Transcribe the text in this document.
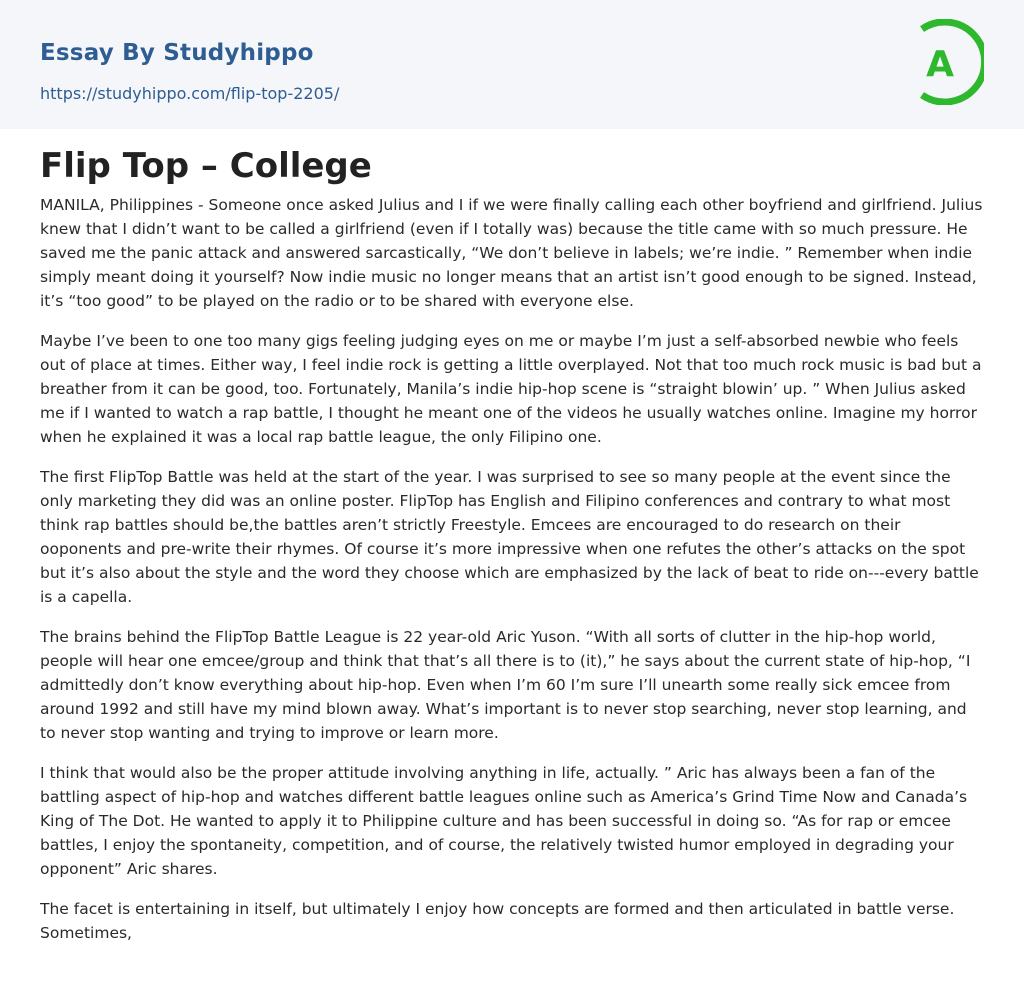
Essay By Studyhippo
https://studyhippo.com/flip-top-2205/
A
Flip Top – College

MANILA, Philippines - Someone once asked Julius and I if we were finally calling each other boyfriend and girlfriend. Julius knew that I didn’t want to be called a girlfriend (even if I totally was) because the title came with so much pressure. He saved me the panic attack and answered sarcastically, “We don’t believe in labels; we’re indie. ” Remember when indie simply meant doing it yourself? Now indie music no longer means that an artist isn’t good enough to be signed. Instead, it’s “too good” to be played on the radio or to be shared with everyone else.

Maybe I’ve been to one too many gigs feeling judging eyes on me or maybe I’m just a self-absorbed newbie who feels out of place at times. Either way, I feel indie rock is getting a little overplayed. Not that too much rock music is bad but a breather from it can be good, too. Fortunately, Manila’s indie hip-hop scene is “straight blowin’ up. ” When Julius asked me if I wanted to watch a rap battle, I thought he meant one of the videos he usually watches online. Imagine my horror when he explained it was a local rap battle league, the only Filipino one.

The first FlipTop Battle was held at the start of the year. I was surprised to see so many people at the event since the only marketing they did was an online poster. FlipTop has English and Filipino conferences and contrary to what most think rap battles should be,the battles aren’t strictly Freestyle. Emcees are encouraged to do research on their ooponents and pre-write their rhymes. Of course it’s more impressive when one refutes the other’s attacks on the spot but it’s also about the style and the word they choose which are emphasized by the lack of beat to ride on---every battle is a capella.

The brains behind the FlipTop Battle League is 22 year-old Aric Yuson. “With all sorts of clutter in the hip-hop world, people will hear one emcee/group and think that that’s all there is to (it),” he says about the current state of hip-hop, “I admittedly don’t know everything about hip-hop. Even when I’m 60 I’m sure I’ll unearth some really sick emcee from around 1992 and still have my mind blown away. What’s important is to never stop searching, never stop learning, and to never stop wanting and trying to improve or learn more.

I think that would also be the proper attitude involving anything in life, actually. ” Aric has always been a fan of the battling aspect of hip-hop and watches different battle leagues online such as America’s Grind Time Now and Canada’s King of The Dot. He wanted to apply it to Philippine culture and has been successful in doing so. “As for rap or emcee battles, I enjoy the spontaneity, competition, and of course, the relatively twisted humor employed in degrading your opponent” Aric shares.

The facet is entertaining in itself, but ultimately I enjoy how concepts are formed and then articulated in battle verse. Sometimes,
